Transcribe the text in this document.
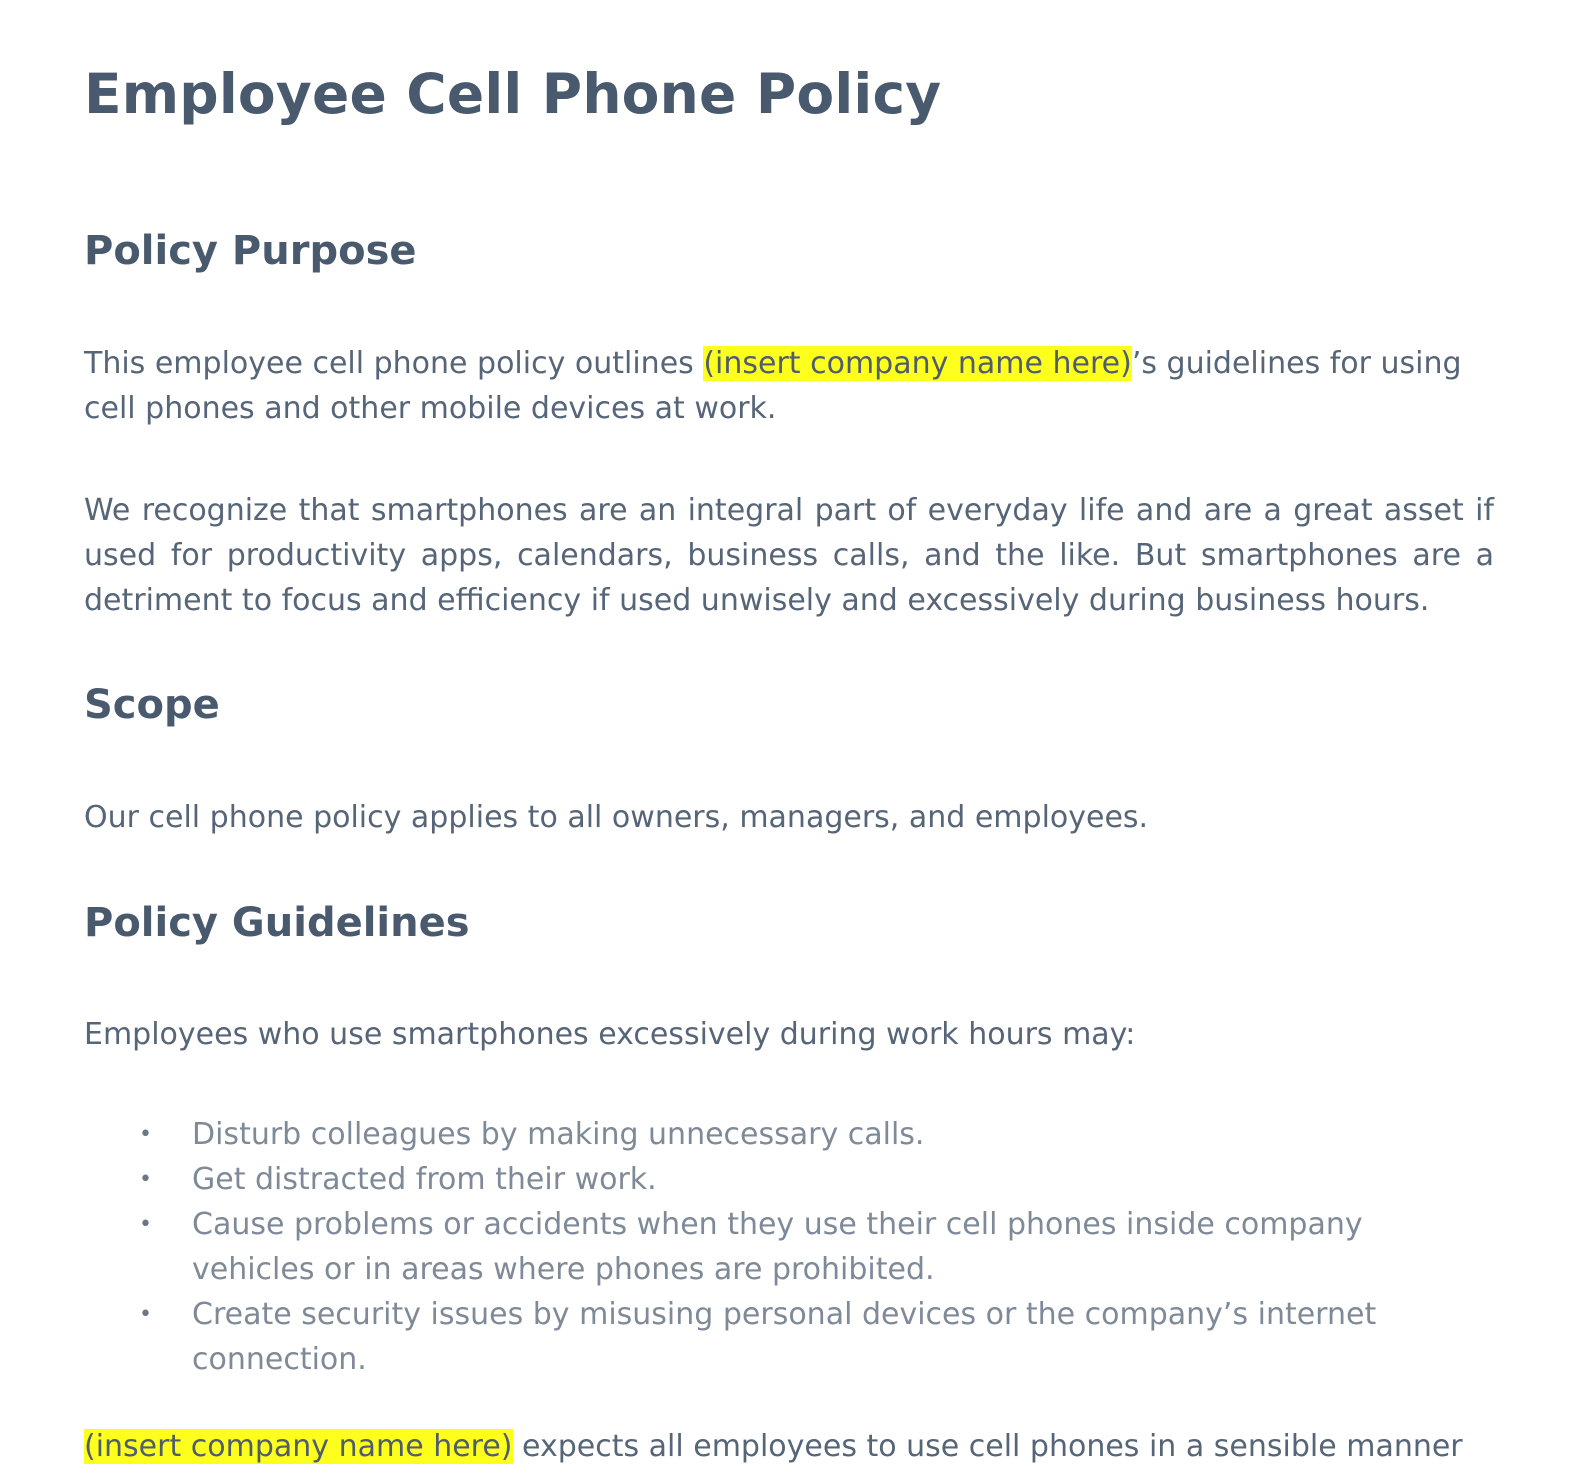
Employee Cell Phone Policy
Policy Purpose

This employee cell phone policy outlines (insert company name here)’s guidelines for using
cell phones and other mobile devices at work.

We recognize that smartphones are an integral part of everyday life and are a great asset if
used for productivity apps, calendars, business calls, and the like. But smartphones are a
detriment to focus and efficiency if used unwisely and excessively during business hours.

Scope

Our cell phone policy applies to all owners, managers, and employees.

Policy Guidelines

Employees who use smartphones excessively during work hours may:

• Disturb colleagues by making unnecessary calls.
• Get distracted from their work.
• Cause problems or accidents when they use their cell phones inside company
vehicles or in areas where phones are prohibited.
• Create security issues by misusing personal devices or the company’s internet
connection.
(insert company name here) expects all employees to use cell phones in a sensible manner
